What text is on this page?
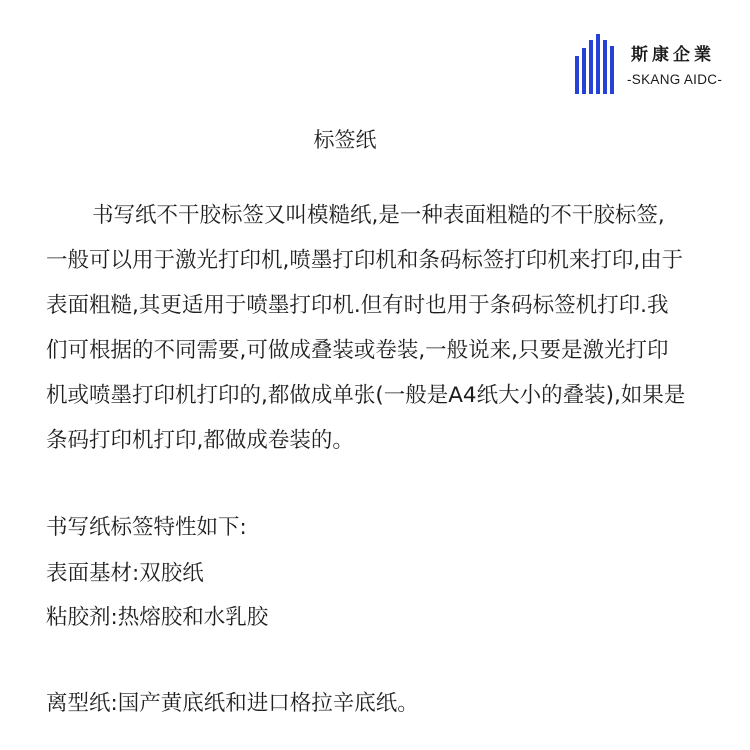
斯康企業
-SKANG AIDC-
标签纸

书写纸不干胶标签又叫模糙纸,是一种表面粗糙的不干胶标签,一般可以用于激光打印机,喷墨打印机和条码标签打印机来打印,由于表面粗糙,其更适用于喷墨打印机.但有时也用于条码标签机打印.我们可根据的不同需要,可做成叠装或卷装,一般说来,只要是激光打印机或喷墨打印机打印的,都做成单张(一般是A4纸大小的叠装),如果是条码打印机打印,都做成卷装的。

书写纸标签特性如下:

表面基材:双胶纸

粘胶剂:热熔胶和水乳胶

离型纸:国产黄底纸和进口格拉辛底纸。
